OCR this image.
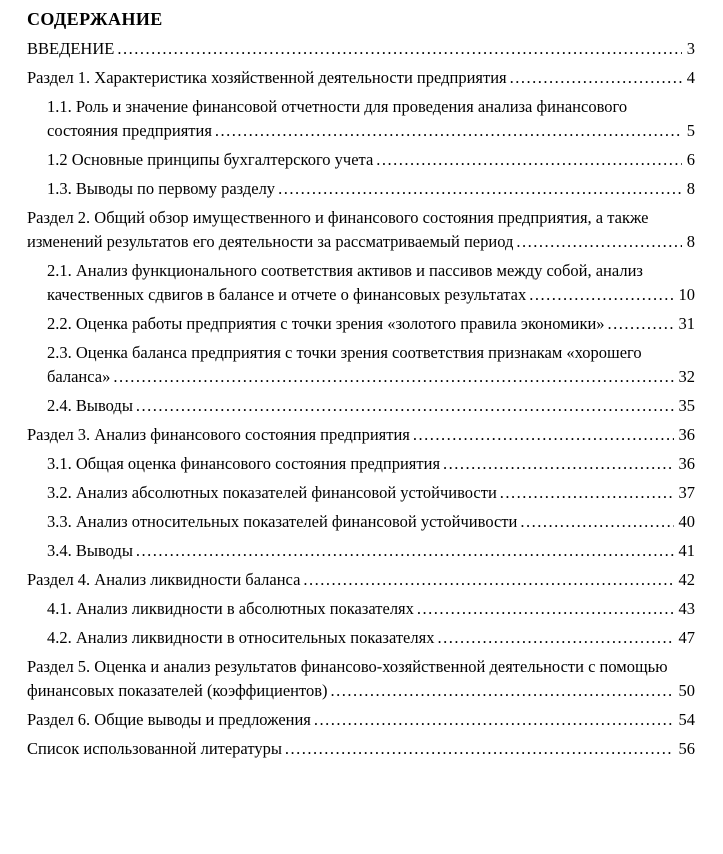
СОДЕРЖАНИЕ
ВВЕДЕНИЕ .....	3
Раздел 1. Характеристика хозяйственной деятельности предприятия .....	4
1.1. Роль и значение финансовой отчетности для проведения анализа финансового состояния предприятия .....	5
1.2 Основные принципы бухгалтерского учета .....	6
1.3. Выводы по первому разделу .....	8
Раздел 2. Общий обзор имущественного и финансового состояния предприятия, а также изменений результатов его деятельности за рассматриваемый период .....	8
2.1. Анализ функционального соответствия активов и пассивов между собой, анализ качественных сдвигов в балансе и отчете о финансовых результатах .....	10
2.2. Оценка работы предприятия с точки зрения «золотого правила экономики» .....	31
2.3. Оценка баланса предприятия с точки зрения соответствия признакам «хорошего баланса» .....	32
2.4. Выводы .....	35
Раздел 3. Анализ финансового состояния предприятия .....	36
3.1. Общая оценка финансового состояния предприятия .....	36
3.2. Анализ абсолютных показателей финансовой устойчивости .....	37
3.3. Анализ относительных показателей финансовой устойчивости .....	40
3.4. Выводы .....	41
Раздел 4. Анализ ликвидности баланса .....	42
4.1. Анализ ликвидности в абсолютных показателях .....	43
4.2. Анализ ликвидности в относительных показателях .....	47
Раздел 5. Оценка и анализ результатов финансово-хозяйственной деятельности с помощью финансовых показателей (коэффициентов) .....	50
Раздел 6. Общие выводы и предложения .....	54
Список использованной литературы .....	56
